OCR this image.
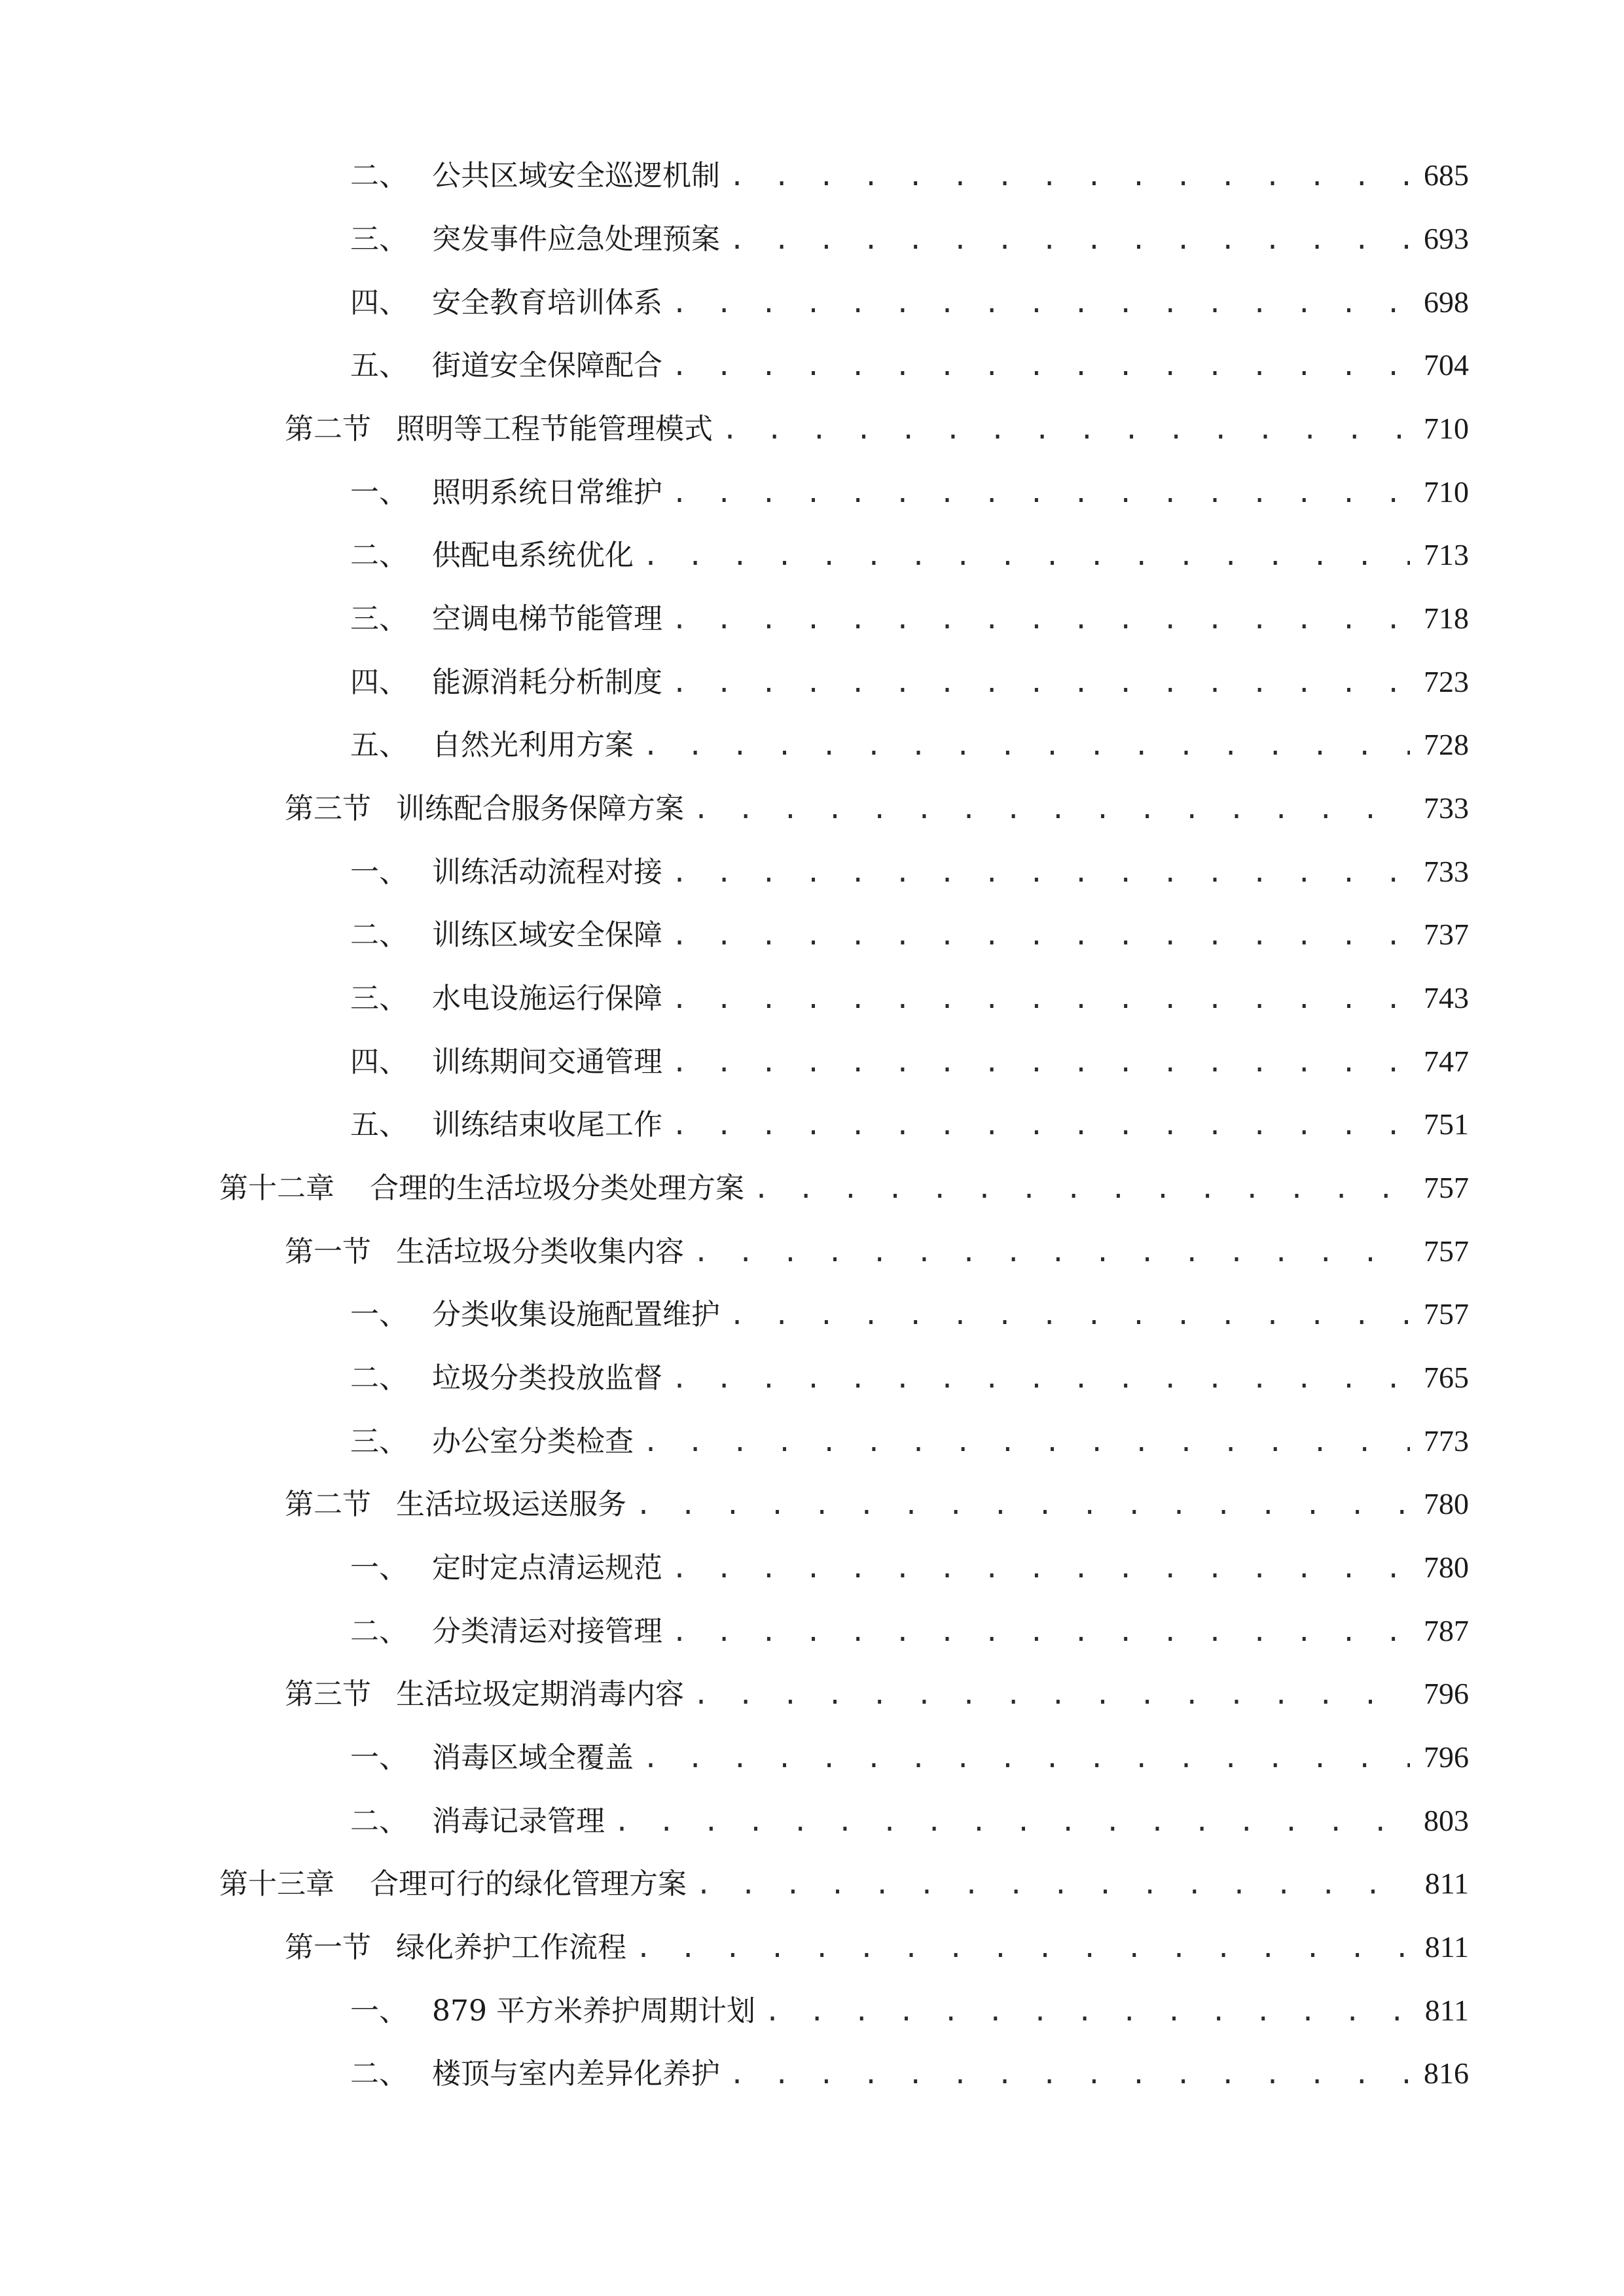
二、 公共区域安全巡逻机制 . . .	685
三、 突发事件应急处理预案 . . .	693
四、 安全教育培训体系 . . .	698
五、 街道安全保障配合 . . .	704
第二节 照明等工程节能管理模式 . . .	710
一、 照明系统日常维护 . . .	710
二、 供配电系统优化 . . .	713
三、 空调电梯节能管理 . . .	718
四、 能源消耗分析制度 . . .	723
五、 自然光利用方案 . . .	728
第三节 训练配合服务保障方案 . . .	733
一、 训练活动流程对接 . . .	733
二、 训练区域安全保障 . . .	737
三、 水电设施运行保障 . . .	743
四、 训练期间交通管理 . . .	747
五、 训练结束收尾工作 . . .	751
第十二章	合理的生活垃圾分类处理方案 . . .	757
第一节 生活垃圾分类收集内容 . . .	757
一、 分类收集设施配置维护 . . .	757
二、 垃圾分类投放监督 . . .	765
三、 办公室分类检查 . . .	773
第二节 生活垃圾运送服务 . . .	780
一、 定时定点清运规范 . . .	780
二、 分类清运对接管理 . . .	787
第三节 生活垃圾定期消毒内容 . . .	796
一、 消毒区域全覆盖 . . .	796
二、 消毒记录管理 . . .	803
第十三章	合理可行的绿化管理方案 . . .	811
第一节 绿化养护工作流程 . . .	811
一、 879 平方米养护周期计划 . . .	811
二、 楼顶与室内差异化养护 . . .	816
